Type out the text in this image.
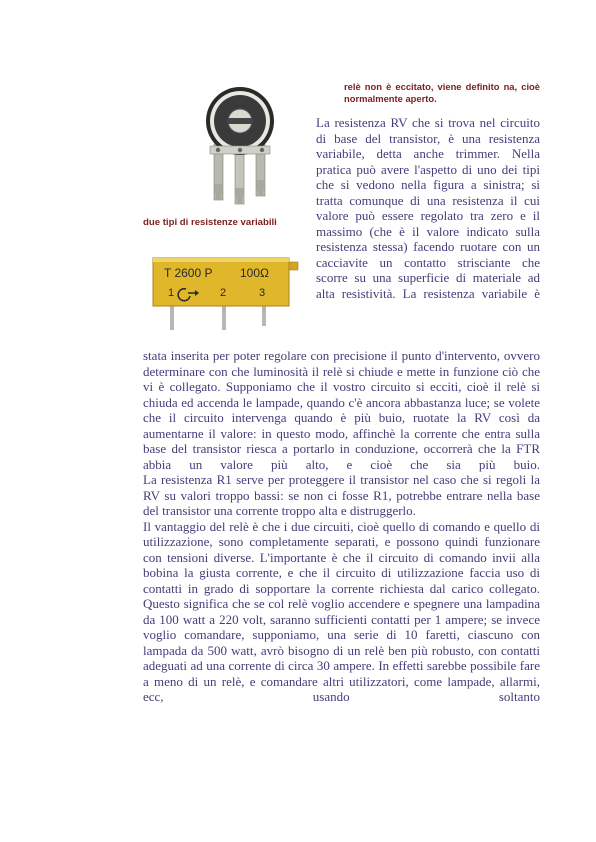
relè non è eccitato, viene definito na, cioè normalmente aperto.
due tipi di resistenze variabili
T 2600 P 100Ω
1	2	3

La resistenza RV che si trova nel circuito di base del transistor, è una resistenza variabile, detta anche trimmer. Nella pratica può avere l'aspetto di uno dei tipi che si vedono nella figura a sinistra; si tratta comunque di una resistenza il cui valore può essere regolato tra zero e il massimo (che è il valore indicato sulla resistenza stessa) facendo ruotare con un cacciavite un contatto strisciante che scorre su una superficie di materiale ad alta resistività. La resistenza variabile è

stata inserita per poter regolare con precisione il punto d'intervento, ovvero determinare con che luminosità il relè si chiude e mette in funzione ciò che vi è collegato. Supponiamo che il vostro circuito si ecciti, cioè il relè si chiuda ed accenda le lampade, quando c'è ancora abbastanza luce; se volete che il circuito intervenga quando è più buio, ruotate la RV così da aumentarne il valore: in questo modo, affinchè la corrente che entra sulla base del transistor riesca a portarlo in conduzione, occorrerà che la FTR abbia un valore più alto, e cioè che sia più buio.

La resistenza R1 serve per proteggere il transistor nel caso che si regoli la RV su valori troppo bassi: se non ci fosse R1, potrebbe entrare nella base del transistor una corrente troppo alta e distruggerlo.

Il vantaggio del relè è che i due circuiti, cioè quello di comando e quello di utilizzazione, sono completamente separati, e possono quindi funzionare con tensioni diverse. L'importante è che il circuito di comando invii alla bobina la giusta corrente, e che il circuito di utilizzazione faccia uso di contatti in grado di sopportare la corrente richiesta dal carico collegato. Questo significa che se col relè voglio accendere e spegnere una lampadina da 100 watt a 220 volt, saranno sufficienti contatti per 1 ampere; se invece voglio comandare, supponiamo, una serie di 10 faretti, ciascuno con lampada da 500 watt, avrò bisogno di un relè ben più robusto, con contatti adeguati ad una corrente di circa 30 ampere. In effetti sarebbe possibile fare a meno di un relè, e comandare altri utilizzatori, come lampade, allarmi, ecc, usando soltanto
